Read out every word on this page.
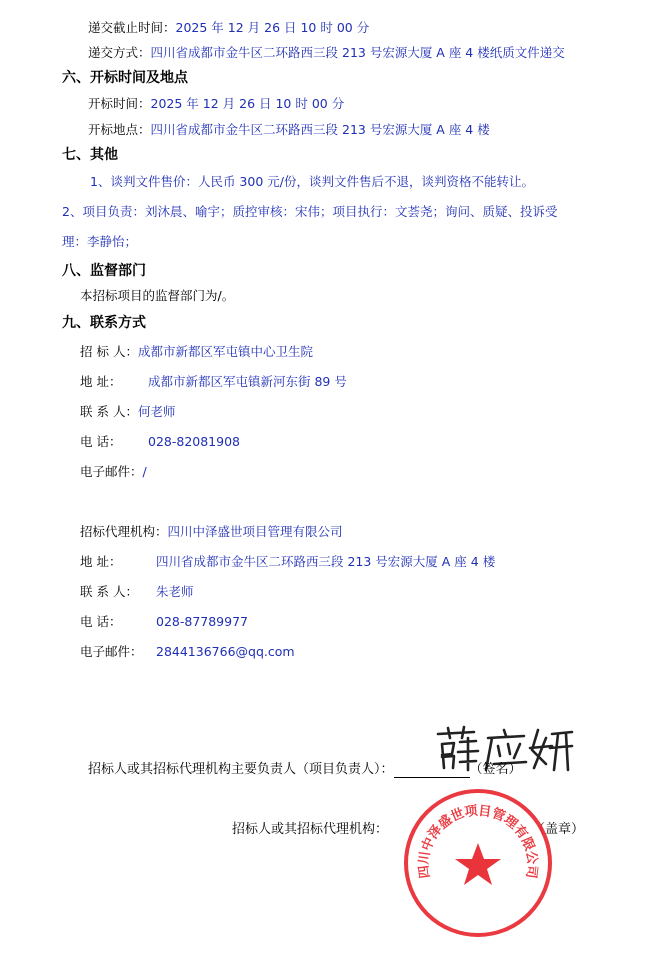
递交截止时间：2025 年 12 月 26 日 10 时 00 分
递交方式：四川省成都市金牛区二环路西三段 213 号宏源大厦 A 座 4 楼纸质文件递交
六、开标时间及地点
开标时间：2025 年 12 月 26 日 10 时 00 分
开标地点：四川省成都市金牛区二环路西三段 213 号宏源大厦 A 座 4 楼
七、其他
1、谈判文件售价：人民币 300 元/份，谈判文件售后不退，谈判资格不能转让。
2、项目负责：刘沐晨、喻宇；质控审核：宋伟；项目执行：文荟尧；询问、质疑、投诉受
理：李静怡；
八、监督部门
本招标项目的监督部门为/。
九、联系方式
招 标 人：成都市新都区军屯镇中心卫生院
地 址： 成都市新都区军屯镇新河东街 89 号
联 系 人：何老师
电 话： 028-82081908
电子邮件：/
招标代理机构：四川中泽盛世项目管理有限公司
地 址：	四川省成都市金牛区二环路西三段 213 号宏源大厦 A 座 4 楼
联 系 人： 朱老师
电 话：	028-87789977
电子邮件： 2844136766@qq.com
招标人或其招标代理机构主要负责人（项目负责人）：	（签名）
招标人或其招标代理机构：	（盖章）
四川中泽盛世项目管理有限公司
